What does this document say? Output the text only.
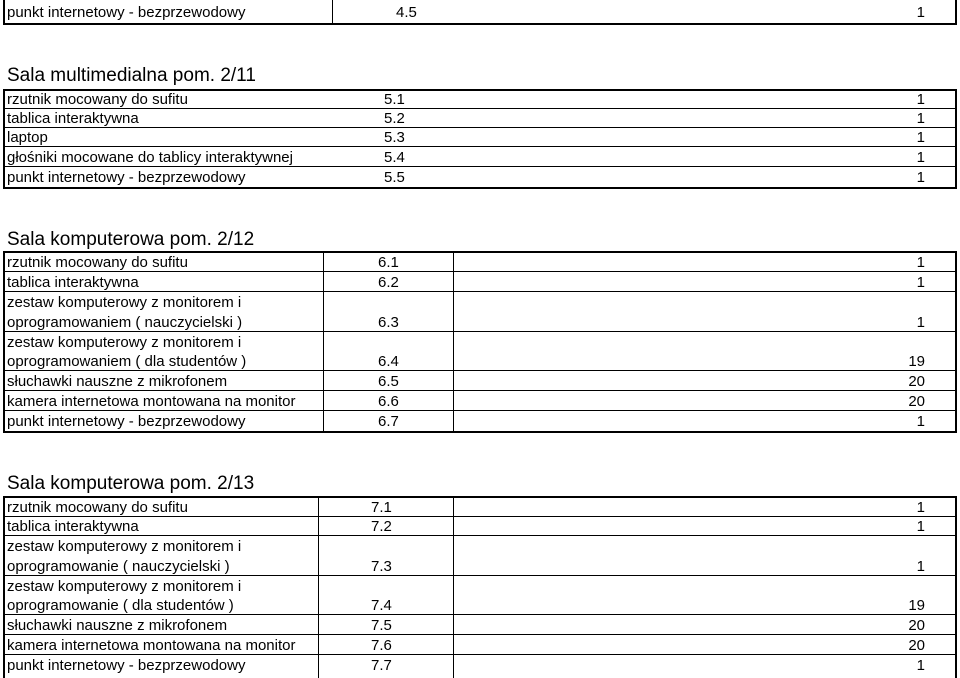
punkt internetowy - bezprzewodowy	4.5	1
Sala multimedialna pom. 2/11
rzutnik mocowany do sufitu	5.1	1
tablica interaktywna	5.2	1
laptop	5.3	1
głośniki mocowane do tablicy interaktywnej	5.4	1
punkt internetowy - bezprzewodowy	5.5	1
Sala komputerowa pom. 2/12
rzutnik mocowany do sufitu	6.1	1
tablica interaktywna	6.2	1
zestaw komputerowy z monitorem i
oprogramowaniem ( nauczycielski )	6.3	1
zestaw komputerowy z monitorem i
oprogramowaniem ( dla studentów )	6.4	19
słuchawki nauszne z mikrofonem	6.5	20
kamera internetowa montowana na monitor	6.6	20
punkt internetowy - bezprzewodowy	6.7	1
Sala komputerowa pom. 2/13
rzutnik mocowany do sufitu	7.1	1
tablica interaktywna	7.2	1
zestaw komputerowy z monitorem i
oprogramowanie ( nauczycielski )	7.3	1
zestaw komputerowy z monitorem i
oprogramowanie ( dla studentów )	7.4	19
słuchawki nauszne z mikrofonem	7.5	20
kamera internetowa montowana na monitor	7.6	20
punkt internetowy - bezprzewodowy	7.7	1
